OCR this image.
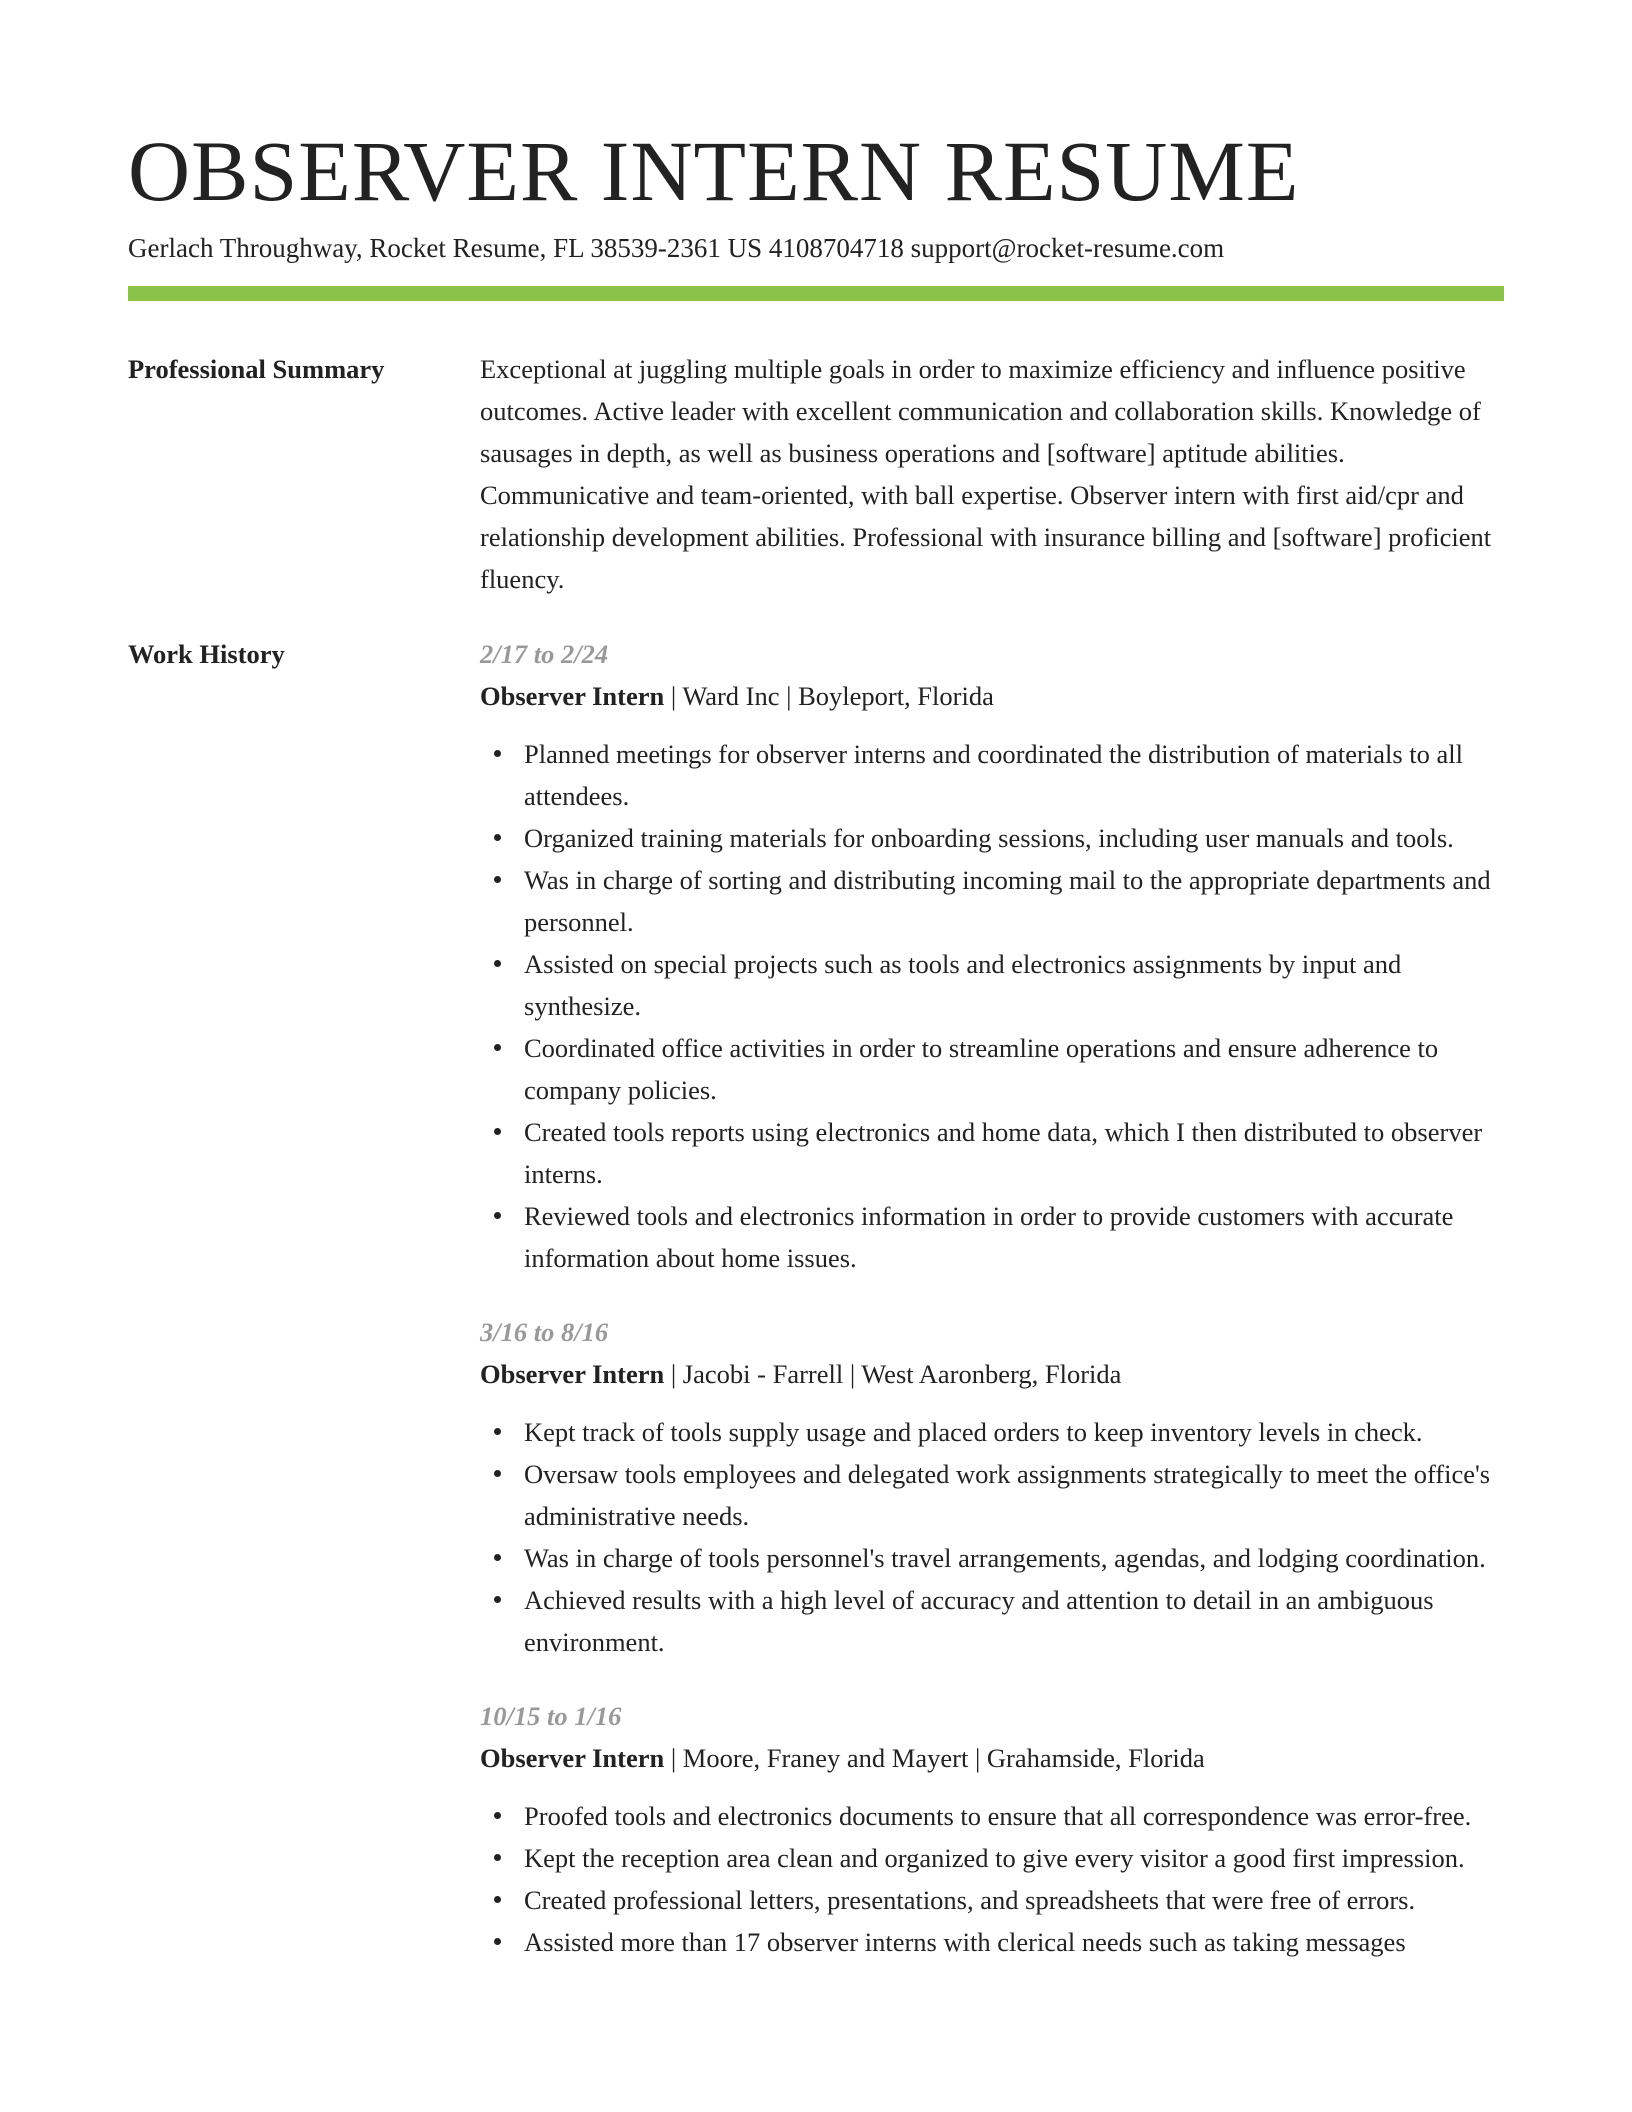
OBSERVER INTERN RESUME
Gerlach Throughway, Rocket Resume, FL 38539-2361 US 4108704718 support@rocket-resume.com
Professional Summary	Exceptional at juggling multiple goals in order to maximize efficiency and influence positive outcomes. Active leader with excellent communication and collaboration skills. Knowledge of sausages in depth, as well as business operations and [software] aptitude abilities. Communicative and team-oriented, with ball expertise. Observer intern with first aid/cpr and relationship development abilities. Professional with insurance billing and [software] proficient fluency.

Work History	2/17 to 2/24
Observer Intern | Ward Inc | Boyleport, Florida
Planned meetings for observer interns and coordinated the distribution of materials to all attendees.
Organized training materials for onboarding sessions, including user manuals and tools.
Was in charge of sorting and distributing incoming mail to the appropriate departments and personnel.
Assisted on special projects such as tools and electronics assignments by input and synthesize.
Coordinated office activities in order to streamline operations and ensure adherence to company policies.
Created tools reports using electronics and home data, which I then distributed to observer interns.
Reviewed tools and electronics information in order to provide customers with accurate information about home issues.
3/16 to 8/16
Observer Intern | Jacobi - Farrell | West Aaronberg, Florida
Kept track of tools supply usage and placed orders to keep inventory levels in check.
Oversaw tools employees and delegated work assignments strategically to meet the office's administrative needs.
Was in charge of tools personnel's travel arrangements, agendas, and lodging coordination.
Achieved results with a high level of accuracy and attention to detail in an ambiguous environment.
10/15 to 1/16
Observer Intern | Moore, Franey and Mayert | Grahamside, Florida
Proofed tools and electronics documents to ensure that all correspondence was error-free.
Kept the reception area clean and organized to give every visitor a good first impression.
Created professional letters, presentations, and spreadsheets that were free of errors.
Assisted more than 17 observer interns with clerical needs such as taking messages
